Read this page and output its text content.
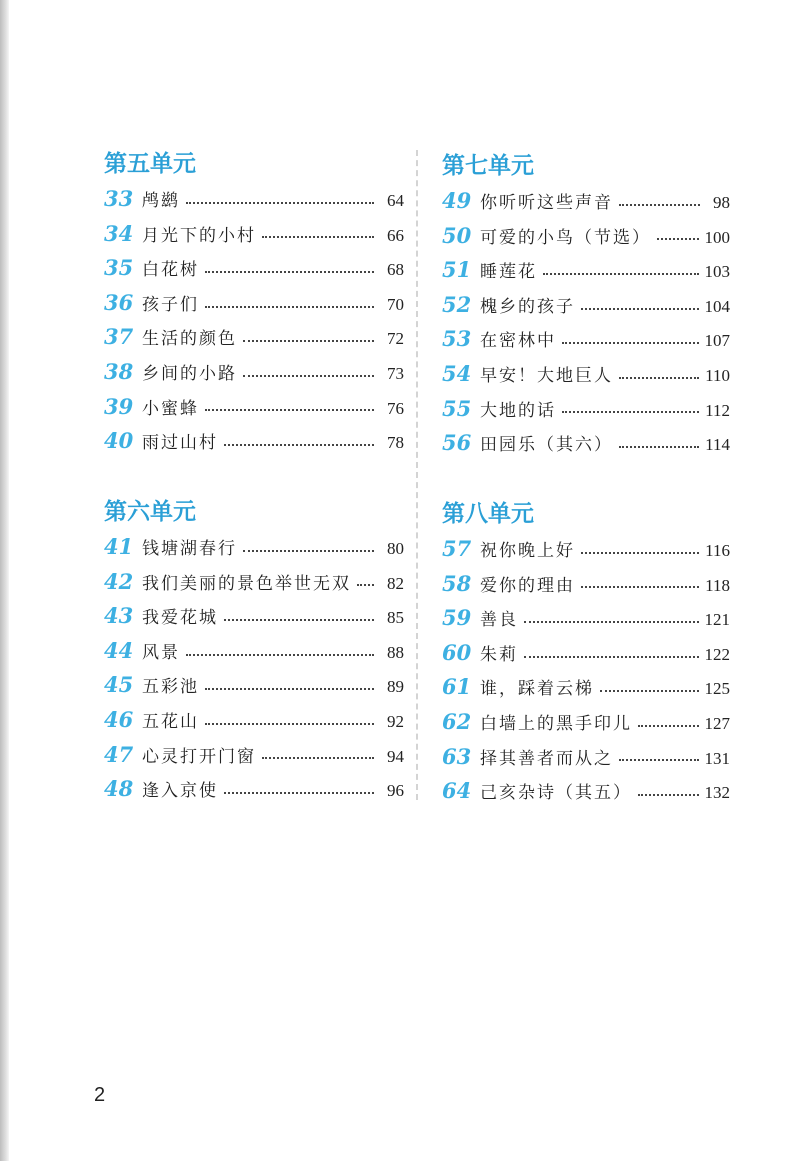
第五单元
33 鸬鹚	64
34 月光下的小村	66
35 白花树	68
36 孩子们	70
37 生活的颜色	72
38 乡间的小路	73
39 小蜜蜂	76
40 雨过山村	78
第七单元
49 你听听这些声音	98
50 可爱的小鸟（节选）	100
51 睡莲花	103
52 槐乡的孩子	104
53 在密林中	107
54 早安！大地巨人	110
55 大地的话	112
56 田园乐（其六）	114
第六单元
41 钱塘湖春行	80
42 我们美丽的景色举世无双	82
43 我爱花城	85
44 风景	88
45 五彩池	89
46 五花山	92
47 心灵打开门窗	94
48 逢入京使	96
第八单元
57 祝你晚上好	116
58 爱你的理由	118
59 善良	121
60 朱莉	122
61 谁，踩着云梯	125
62 白墙上的黑手印儿	127
63 择其善者而从之	131
64 己亥杂诗（其五）	132
2
